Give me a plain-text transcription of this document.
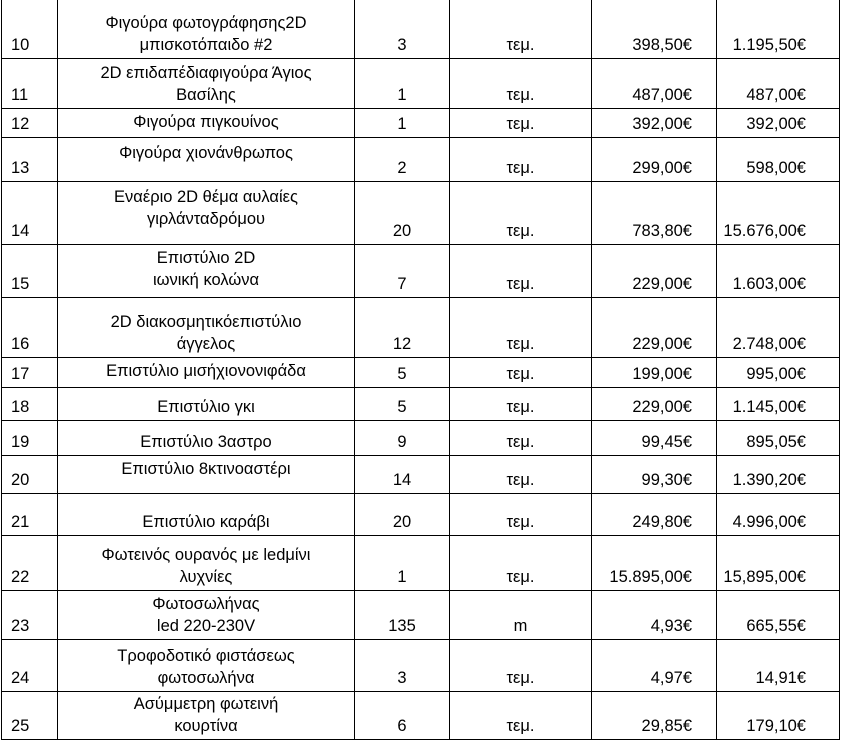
10	Φιγούρα φωτογράφησης2D
μπισκοτόπαιδο #2	3	τεμ.	398,50€	1.195,50€
11	2D επιδαπέδιαφιγούρα Άγιος
Βασίλης	1	τεμ.	487,00€	487,00€
12	Φιγούρα πιγκουίνος	1	τεμ.	392,00€	392,00€
13	Φιγούρα χιονάνθρωπος	2	τεμ.	299,00€	598,00€
14	Εναέριο 2D θέμα αυλαίες
γιρλάνταδρόμου	20	τεμ.	783,80€	15.676,00€
15	Επιστύλιο 2D
ιωνική κολώνα	7	τεμ.	229,00€	1.603,00€
16	2D διακοσμητικόεπιστύλιο
άγγελος	12	τεμ.	229,00€	2.748,00€
17	Επιστύλιο μισήχιονονιφάδα	5	τεμ.	199,00€	995,00€
18	Επιστύλιο γκι	5	τεμ.	229,00€	1.145,00€
19	Επιστύλιο 3αστρο	9	τεμ.	99,45€	895,05€
20	Επιστύλιο 8κτινοαστέρι	14	τεμ.	99,30€	1.390,20€
21	Επιστύλιο καράβι	20	τεμ.	249,80€	4.996,00€
22	Φωτεινός ουρανός με ledμίνι
λυχνίες	1	τεμ.	15.895,00€	15,895,00€
23	Φωτοσωλήνας
led 220-230V	135	m	4,93€	665,55€
24	Τροφοδοτικό φιστάσεως
φωτοσωλήνα	3	τεμ.	4,97€	14,91€
25	Ασύμμετρη φωτεινή
κουρτίνα	6	τεμ.	29,85€	179,10€
